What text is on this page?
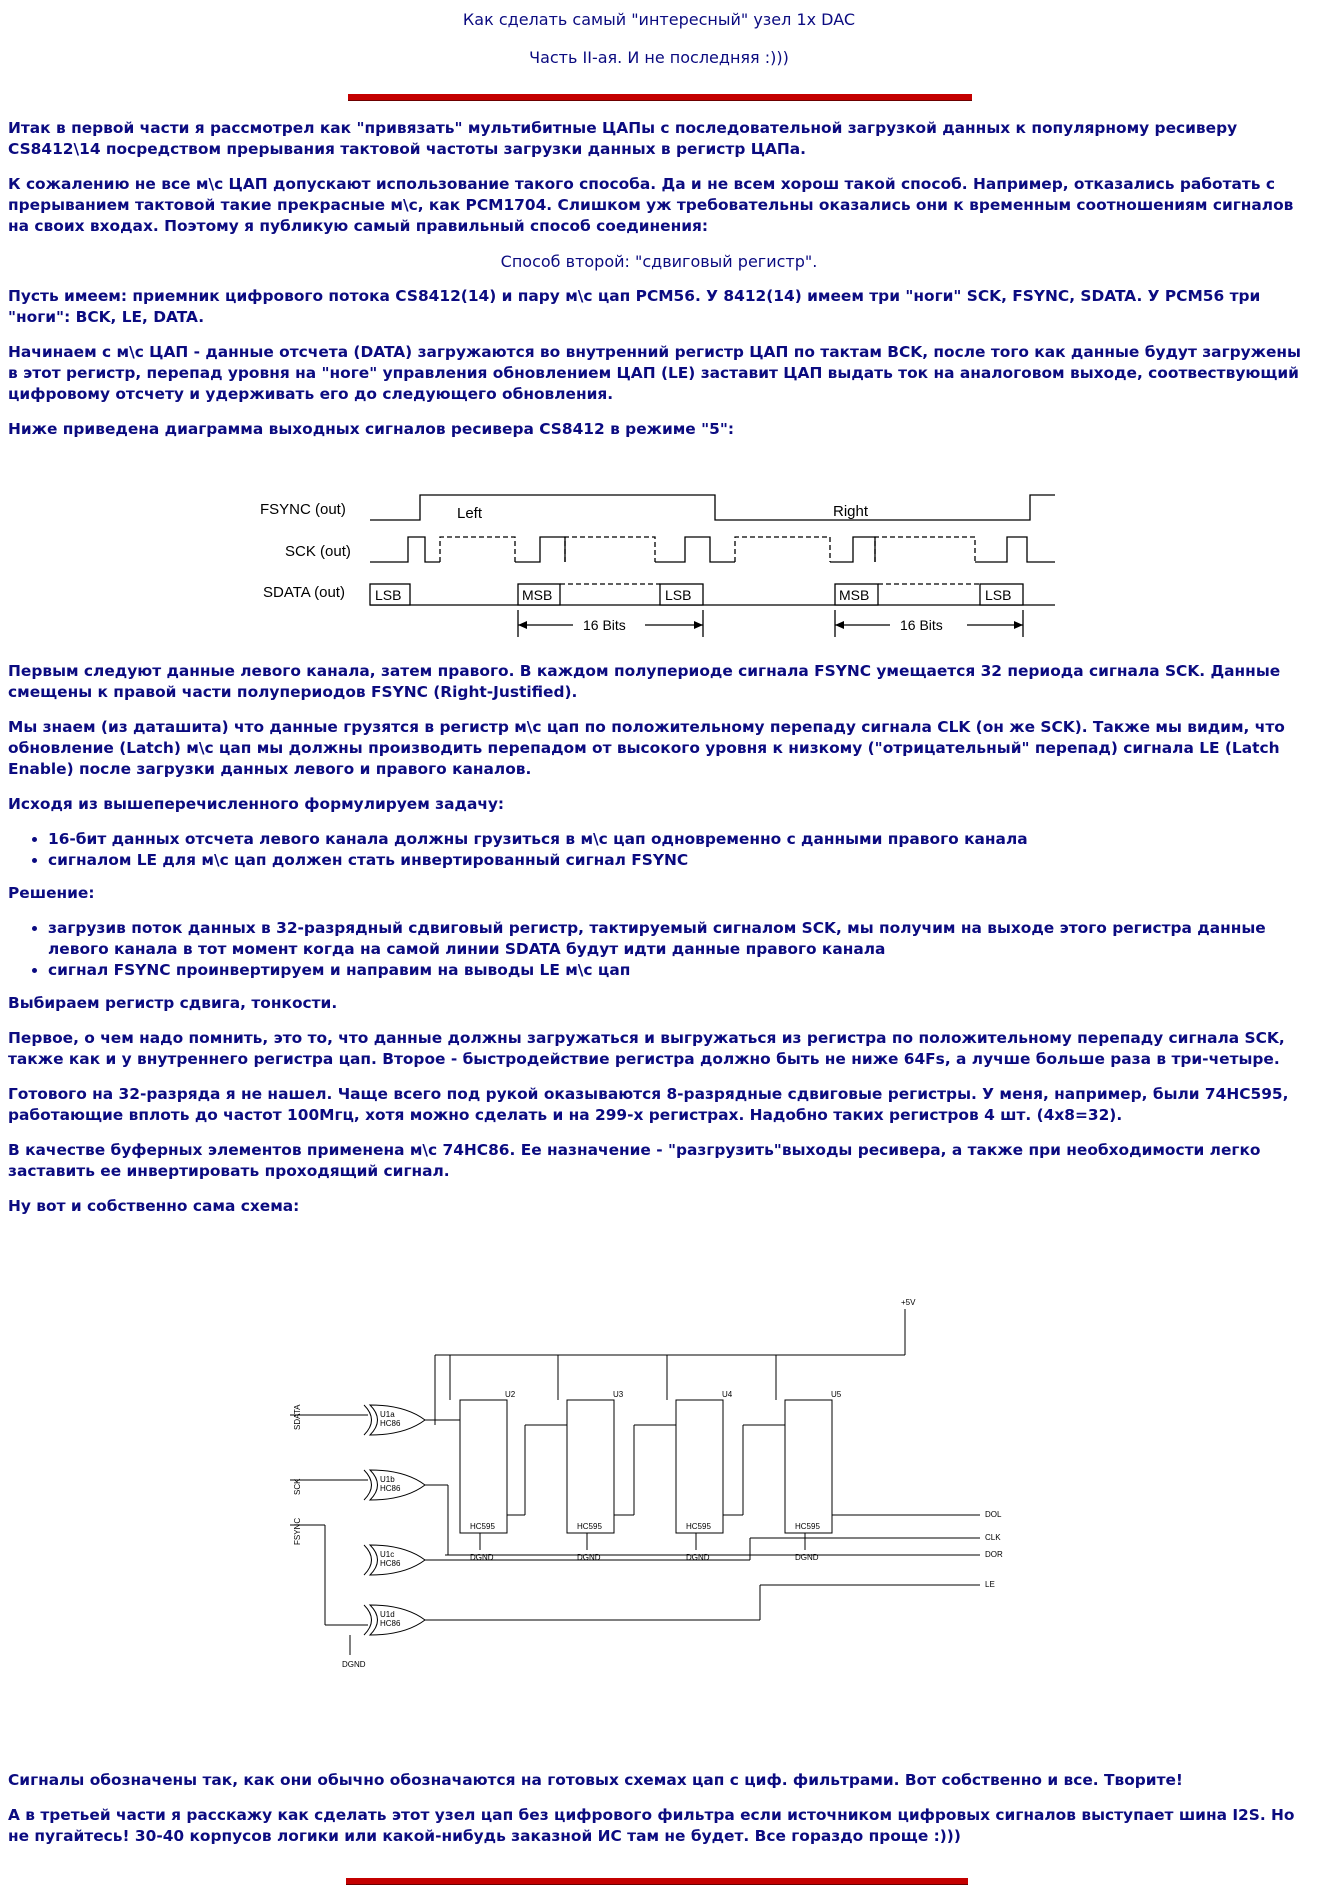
Как сделать самый "интересный" узел 1x DAC
Часть II-ая. И не последняя :)))

Итак в первой части я рассмотрел как "привязать" мультибитные ЦАПы с последовательной загрузкой данных к популярному ресиверу CS8412\14 посредством прерывания тактовой частоты загрузки данных в регистр ЦАПа.

К сожалению не все м\с ЦАП допускают использование такого способа. Да и не всем хорош такой способ. Например, отказались работать с прерыванием тактовой такие прекрасные м\с, как PCM1704. Слишком уж требовательны оказались они к временным соотношениям сигналов на своих входах. Поэтому я публикую самый правильный способ соединения:

Способ второй: "сдвиговый регистр".

Пусть имеем: приемник цифрового потока CS8412(14) и пару м\с цап PCM56. У 8412(14) имеем три "ноги" SCK, FSYNC, SDATA. У PCM56 три "ноги": BCK, LE, DATA.

Начинаем с м\с ЦАП - данные отсчета (DATA) загружаются во внутренний регистр ЦАП по тактам BCK, после того как данные будут загружены в этот регистр, перепад уровня на "ноге" управления обновлением ЦАП (LE) заставит ЦАП выдать ток на аналоговом выходе, соотвествующий цифровому отсчету и удерживать его до следующего обновления.

Ниже приведена диаграмма выходных сигналов ресивера CS8412 в режиме "5":

Первым следуют данные левого канала, затем правого. В каждом полупериоде сигнала FSYNC умещается 32 периода сигнала SCK. Данные смещены к правой части полупериодов FSYNC (Right-Justified).

Мы знаем (из даташита) что данные грузятся в регистр м\с цап по положительному перепаду сигнала CLK (он же SCK). Также мы видим, что обновление (Latch) м\с цап мы должны производить перепадом от высокого уровня к низкому ("отрицательный" перепад) сигнала LE (Latch Enable) после загрузки данных левого и правого каналов.

Исходя из вышеперечисленного формулируем задачу:

• 16-бит данных отсчета левого канала должны грузиться в м\с цап одновременно с данными правого канала
• сигналом LE для м\с цап должен стать инвертированный сигнал FSYNC

Решение:

• загрузив поток данных в 32-разрядный сдвиговый регистр, тактируемый сигналом SCK, мы получим на выходе этого регистра данные левого канала в тот момент когда на самой линии SDATA будут идти данные правого канала
• сигнал FSYNC проинвертируем и направим на выводы LE м\с цап

Выбираем регистр сдвига, тонкости.

Первое, о чем надо помнить, это то, что данные должны загружаться и выгружаться из регистра по положительному перепаду сигнала SCK, также как и у внутреннего регистра цап. Второе - быстродействие регистра должно быть не ниже 64Fs, а лучше больше раза в три-четыре.

Готового на 32-разряда я не нашел. Чаще всего под рукой оказываются 8-разрядные сдвиговые регистры. У меня, например, были 74HC595, работающие вплоть до частот 100Мгц, хотя можно сделать и на 299-х регистрах. Надобно таких регистров 4 шт. (4x8=32).

В качестве буферных элементов применена м\с 74HC86. Ее назначение - "разгрузить"выходы ресивера, а также при необходимости легко заставить ее инвертировать проходящий сигнал.

Ну вот и собственно сама схема:

FSYNC (out)
SCK (out)
SDATA (out)
Left	Right
LSB	MSB	LSB	MSB	LSB
16 Bits	16 Bits
+5V
U2	U3	U4	U5
HC595	HC595	HC595	HC595
DGND	DGND	DGND	DGND
U1a
HC86
U1b
HC86
U1c
HC86
U1d
HC86
DGND
DOL
DOR
CLK
LE
SDATA
SCK
FSYNC

Сигналы обозначены так, как они обычно обозначаются на готовых схемах цап с циф. фильтрами. Вот собственно и все. Творите!

А в третьей части я расскажу как сделать этот узел цап без цифрового фильтра если источником цифровых сигналов выступает шина I2S. Но не пугайтесь! 30-40 корпусов логики или какой-нибудь заказной ИС там не будет. Все гораздо проще :)))
